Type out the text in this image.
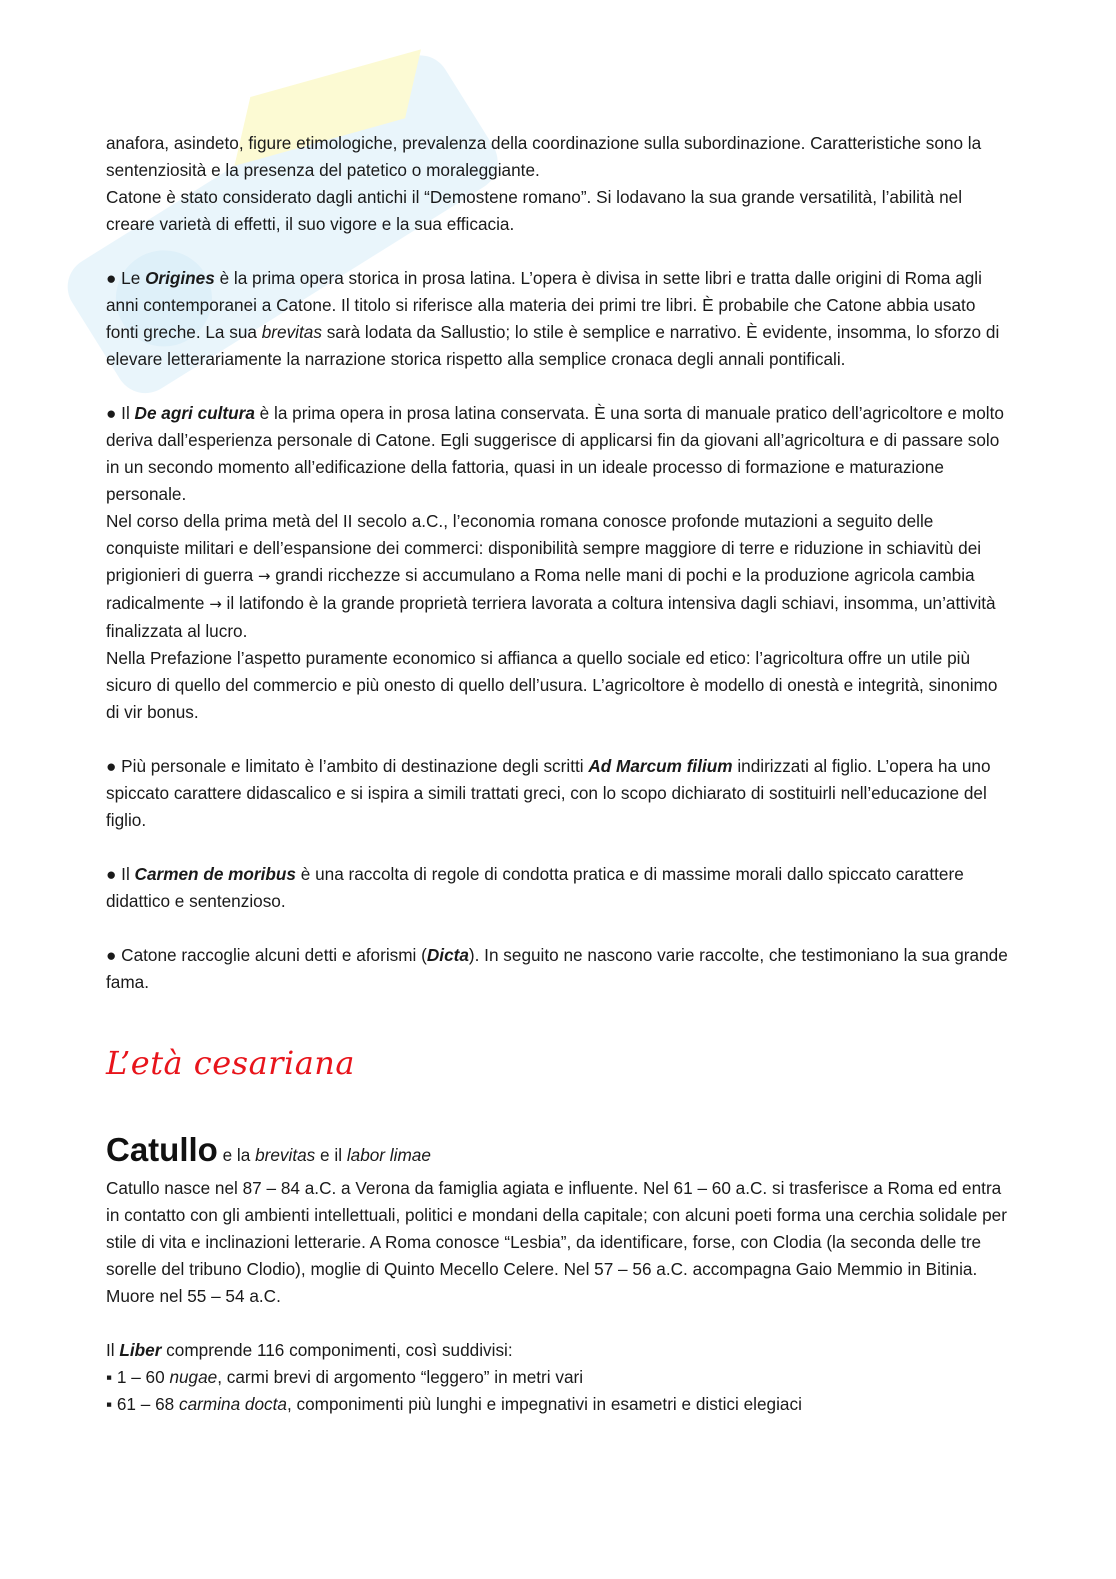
anafora, asindeto, figure etimologiche, prevalenza della coordinazione sulla subordinazione. Caratteristiche sono la sentenziosità e la presenza del patetico o moraleggiante.
Catone è stato considerato dagli antichi il “Demostene romano”. Si lodavano la sua grande versatilità, l’abilità nel creare varietà di effetti, il suo vigore e la sua efficacia.

● Le Origines è la prima opera storica in prosa latina. L’opera è divisa in sette libri e tratta dalle origini di Roma agli anni contemporanei a Catone. Il titolo si riferisce alla materia dei primi tre libri. È probabile che Catone abbia usato fonti greche. La sua brevitas sarà lodata da Sallustio; lo stile è semplice e narrativo. È evidente, insomma, lo sforzo di elevare letterariamente la narrazione storica rispetto alla semplice cronaca degli annali pontificali.

● Il De agri cultura è la prima opera in prosa latina conservata. È una sorta di manuale pratico dell’agricoltore e molto deriva dall’esperienza personale di Catone. Egli suggerisce di applicarsi fin da giovani all’agricoltura e di passare solo in un secondo momento all’edificazione della fattoria, quasi in un ideale processo di formazione e maturazione personale.

Nel corso della prima metà del II secolo a.C., l’economia romana conosce profonde mutazioni a seguito delle conquiste militari e dell’espansione dei commerci: disponibilità sempre maggiore di terre e riduzione in schiavitù dei prigionieri di guerra → grandi ricchezze si accumulano a Roma nelle mani di pochi e la produzione agricola cambia radicalmente → il latifondo è la grande proprietà terriera lavorata a coltura intensiva dagli schiavi, insomma, un’attività finalizzata al lucro.

Nella Prefazione l’aspetto puramente economico si affianca a quello sociale ed etico: l’agricoltura offre un utile più sicuro di quello del commercio e più onesto di quello dell’usura. L’agricoltore è modello di onestà e integrità, sinonimo di vir bonus.

● Più personale e limitato è l’ambito di destinazione degli scritti Ad Marcum filium indirizzati al figlio. L’opera ha uno spiccato carattere didascalico e si ispira a simili trattati greci, con lo scopo dichiarato di sostituirli nell’educazione del figlio.

● Il Carmen de moribus è una raccolta di regole di condotta pratica e di massime morali dallo spiccato carattere didattico e sentenzioso.

● Catone raccoglie alcuni detti e aforismi (Dicta). In seguito ne nascono varie raccolte, che testimoniano la sua grande fama.

L’età cesariana
Catullo e la brevitas e il labor limae

Catullo nasce nel 87 – 84 a.C. a Verona da famiglia agiata e influente. Nel 61 – 60 a.C. si trasferisce a Roma ed entra in contatto con gli ambienti intellettuali, politici e mondani della capitale; con alcuni poeti forma una cerchia solidale per stile di vita e inclinazioni letterarie. A Roma conosce “Lesbia”, da identificare, forse, con Clodia (la seconda delle tre sorelle del tribuno Clodio), moglie di Quinto Mecello Celere. Nel 57 – 56 a.C. accompagna Gaio Memmio in Bitinia. Muore nel 55 – 54 a.C.

Il Liber comprende 116 componimenti, così suddivisi:

▪ 1 – 60 nugae, carmi brevi di argomento “leggero” in metri vari

▪ 61 – 68 carmina docta, componimenti più lunghi e impegnativi in esametri e distici elegiaci
